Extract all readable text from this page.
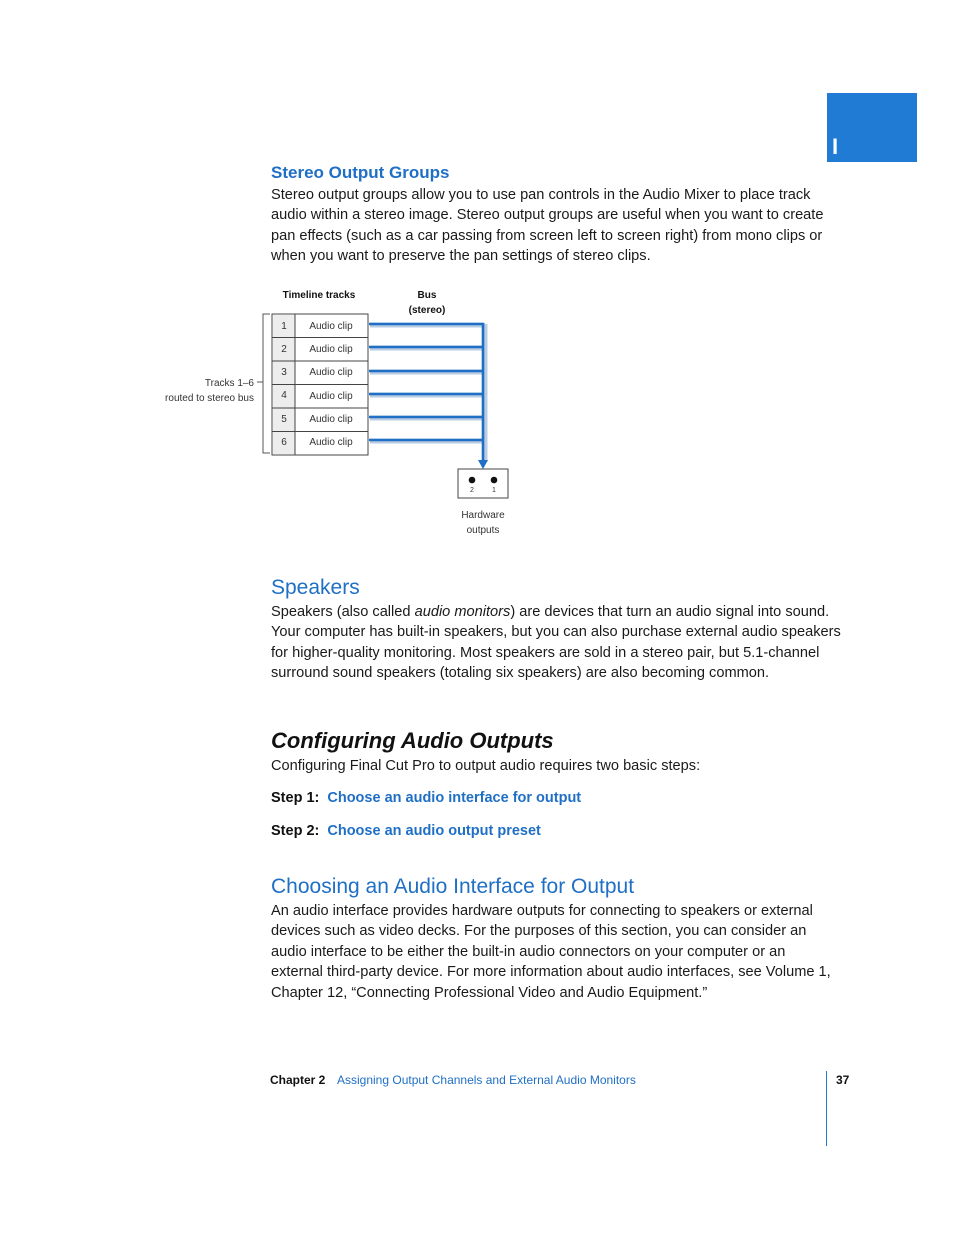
I
Stereo Output Groups
Stereo output groups allow you to use pan controls in the Audio Mixer to place track
audio within a stereo image. Stereo output groups are useful when you want to create
pan effects (such as a car passing from screen left to screen right) from mono clips or
when you want to preserve the pan settings of stereo clips.
Timeline tracks	Bus
(stereo)
Tracks 1–6
routed to stereo bus
1 Audio clip
2 Audio clip
3 Audio clip
4 Audio clip
5 Audio clip
6 Audio clip
2	1
Hardware
outputs
Speakers
Speakers (also called audio monitors) are devices that turn an audio signal into sound.
Your computer has built-in speakers, but you can also purchase external audio speakers
for higher-quality monitoring. Most speakers are sold in a stereo pair, but 5.1-channel
surround sound speakers (totaling six speakers) are also becoming common.
Configuring Audio Outputs
Configuring Final Cut Pro to output audio requires two basic steps:
Step 1: Choose an audio interface for output
Step 2: Choose an audio output preset
Choosing an Audio Interface for Output
An audio interface provides hardware outputs for connecting to speakers or external
devices such as video decks. For the purposes of this section, you can consider an
audio interface to be either the built-in audio connectors on your computer or an
external third-party device. For more information about audio interfaces, see Volume 1,
Chapter 12, “Connecting Professional Video and Audio Equipment.”
Chapter 2 Assigning Output Channels and External Audio Monitors	37
